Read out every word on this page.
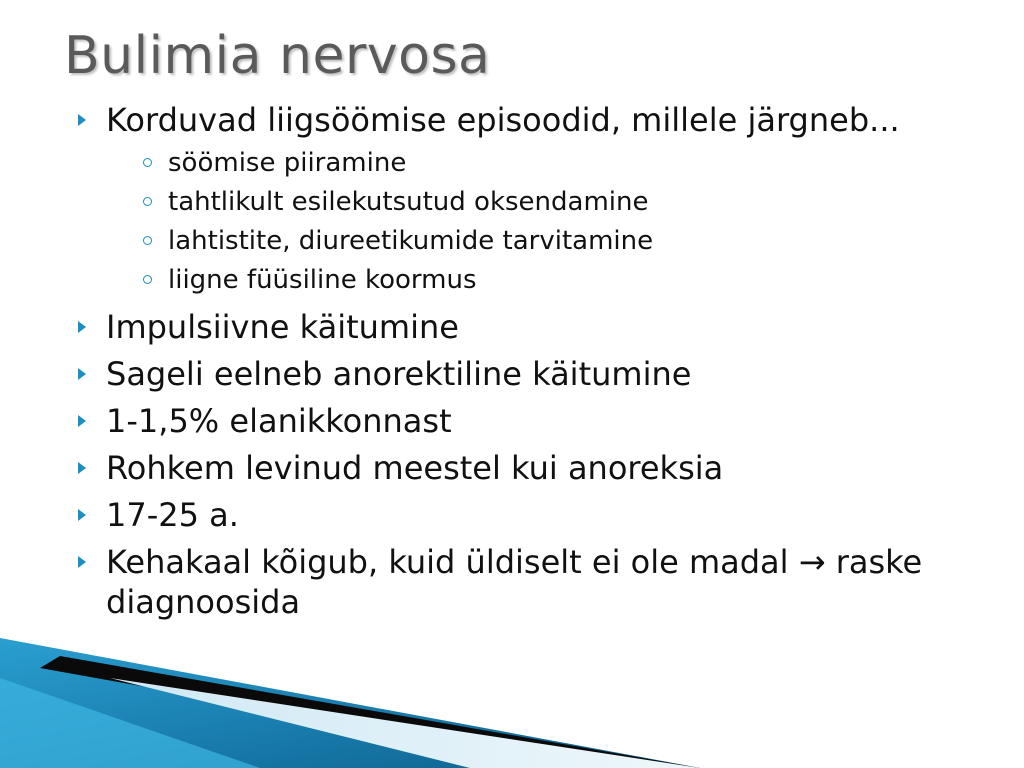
Bulimia nervosa
Korduvad liigsöömise episoodid, millele järgneb...
söömise piiramine
tahtlikult esilekutsutud oksendamine
lahtistite, diureetikumide tarvitamine
liigne füüsiline koormus
Impulsiivne käitumine
Sageli eelneb anorektiline käitumine
1-1,5% elanikkonnast
Rohkem levinud meestel kui anoreksia
17-25 a.
Kehakaal kõigub, kuid üldiselt ei ole madal → raske diagnoosida
